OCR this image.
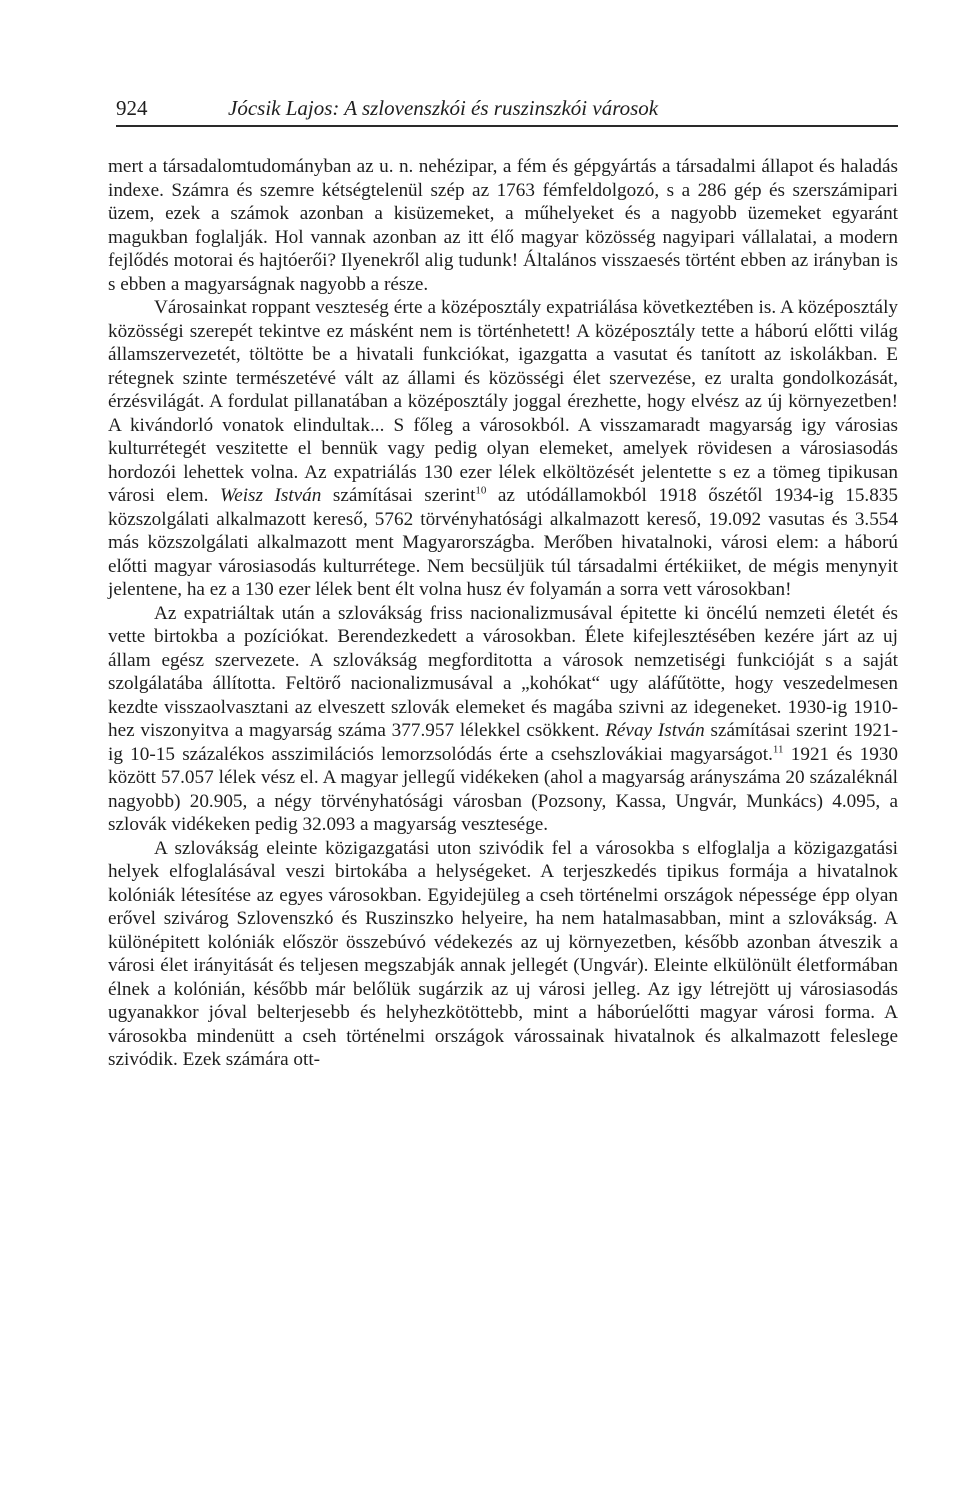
924	Jócsik Lajos: A szlovenszkói és ruszinszkói városok

mert a társadalomtudományban az u. n. nehézipar, a fém és gépgyártás a társadalmi állapot és haladás indexe. Számra és szemre kétségtelenül szép az 1763 fémfeldolgozó, s a 286 gép és szerszámipari üzem, ezek a számok azonban a kisüzemeket, a műhelyeket és a nagyobb üzemeket egyaránt magukban foglalják. Hol vannak azonban az itt élő magyar közösség nagyipari vállalatai, a modern fejlődés motorai és hajtóerői? Ilyenekről alig tudunk! Általános visszaesés történt ebben az irányban is s ebben a magyarságnak nagyobb a része.

Városainkat roppant veszteség érte a középosztály expatriálása következtében is. A középosztály közösségi szerepét tekintve ez másként nem is történhetett! A középosztály tette a háború előtti világ államszervezetét, töltötte be a hivatali funkciókat, igazgatta a vasutat és tanított az iskolákban. E rétegnek szinte természetévé vált az állami és közösségi élet szervezése, ez uralta gondolkozását, érzésvilágát. A fordulat pillanatában a középosztály joggal érezhette, hogy elvész az új környezetben! A kivándorló vonatok elindultak... S főleg a városokból. A visszamaradt magyarság igy városias kulturrétegét veszitette el bennük vagy pedig olyan elemeket, amelyek rövidesen a városiasodás hordozói lehettek volna. Az expatriálás 130 ezer lélek elköltözését jelentette s ez a tömeg tipikusan városi elem. Weisz István számításai szerint$^{10}$ az utódállamokból 1918 őszétől 1934-ig 15.835 közszolgálati alkalmazott kereső, 5762 törvényhatósági alkalmazott kereső, 19.092 vasutas és 3.554 más közszolgálati alkalmazott ment Magyarországba. Merőben hivatalnoki, városi elem: a háború előtti magyar városiasodás kulturrétege. Nem becsüljük túl társadalmi értékiiket, de mégis menynyit jelentene, ha ez a 130 ezer lélek bent élt volna husz év folyamán a sorra vett városokban!

Az expatriáltak után a szlovákság friss nacionalizmusával épitette ki öncélú nemzeti életét és vette birtokba a pozíciókat. Berendezkedett a városokban. Élete kifejlesztésében kezére járt az uj állam egész szervezete. A szlovákság megforditotta a városok nemzetiségi funkcióját s a saját szolgálatába állította. Feltörő nacionalizmusával a „kohókat“ ugy aláfűtötte, hogy veszedelmesen kezdte visszaolvasztani az elveszett szlovák elemeket és magába szivni az idegeneket. 1930-ig 1910-hez viszonyitva a magyarság száma 377.957 lélekkel csökkent. Révay István számításai szerint 1921-ig 10-15 százalékos asszimilációs lemorzsolódás érte a csehszlovákiai magyarságot.$^{11}$ 1921 és 1930 között 57.057 lélek vész el. A magyar jellegű vidékeken (ahol a magyarság arányszáma 20 százaléknál nagyobb) 20.905, a négy törvényhatósági városban (Pozsony, Kassa, Ungvár, Munkács) 4.095, a szlovák vidékeken pedig 32.093 a magyarság vesztesége.

A szlovákság eleinte közigazgatási uton szivódik fel a városokba s elfoglalja a közigazgatási helyek elfoglalásával veszi birtokába a helységeket. A terjeszkedés tipikus formája a hivatalnok kolóniák létesítése az egyes városokban. Egyidejüleg a cseh történelmi országok népessége épp olyan erővel szivárog Szlovenszkó és Ruszinszko helyeire, ha nem hatalmasabban, mint a szlovákság. A különépitett kolóniák először összebúvó védekezés az uj környezetben, később azonban átveszik a városi élet irányitását és teljesen megszabják annak jellegét (Ungvár). Eleinte elkülönült életformában élnek a kolónián, később már belőlük sugárzik az uj városi jelleg. Az igy létrejött uj városiasodás ugyanakkor jóval belterjesebb és helyhezkötöttebb, mint a háborúelőtti magyar városi forma. A városokba mindenütt a cseh történelmi országok várossainak hivatalnok és alkalmazott feleslege szivódik. Ezek számára ott-
